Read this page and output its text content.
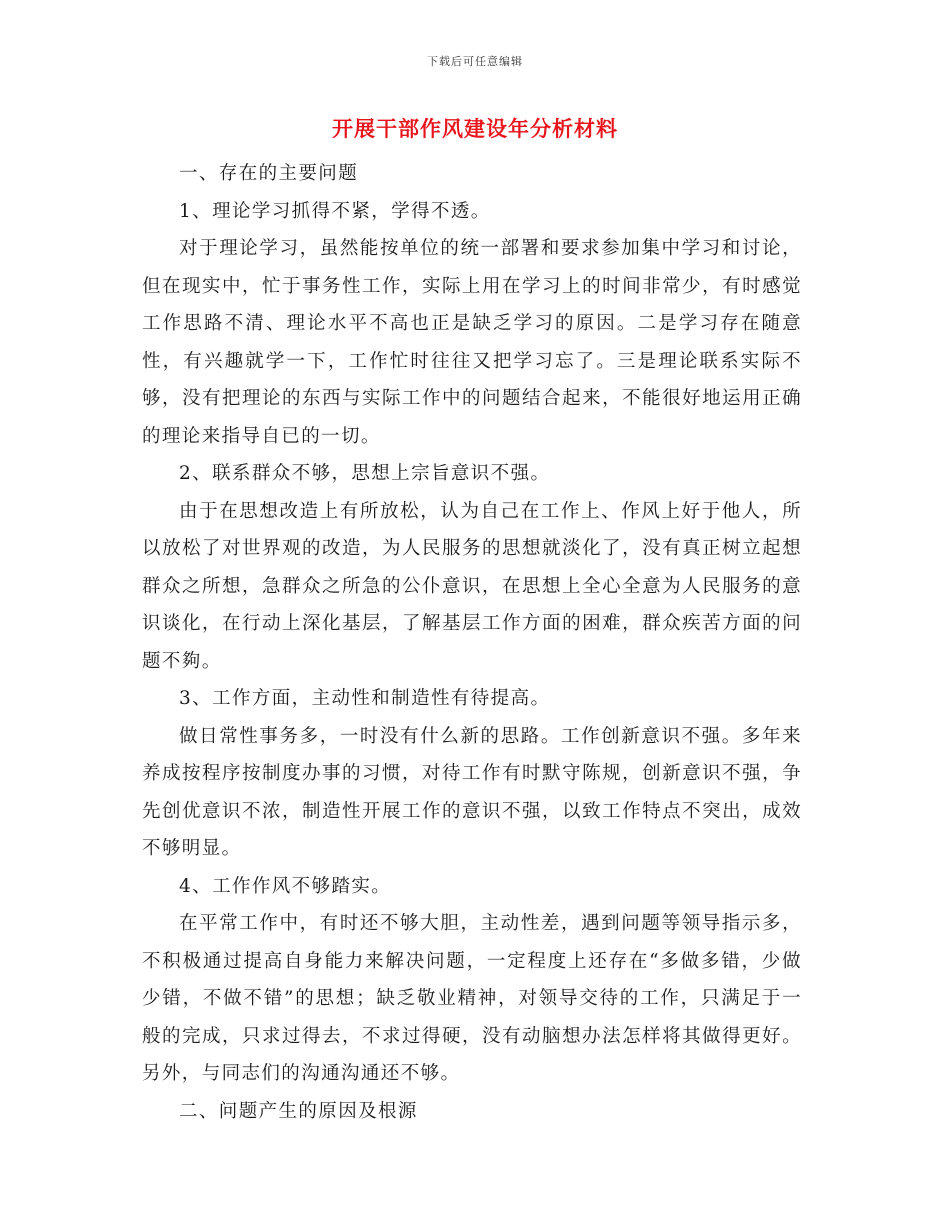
下载后可任意编辑
开展干部作风建设年分析材料

一、存在的主要问题

1、理论学习抓得不紧，学得不透。

对于理论学习，虽然能按单位的统一部署和要求参加集中学习和讨论，但在现实中，忙于事务性工作，实际上用在学习上的时间非常少，有时感觉工作思路不清、理论水平不高也正是缺乏学习的原因。二是学习存在随意性，有兴趣就学一下，工作忙时往往又把学习忘了。三是理论联系实际不够，没有把理论的东西与实际工作中的问题结合起来，不能很好地运用正确的理论来指导自已的一切。

2、联系群众不够，思想上宗旨意识不强。

由于在思想改造上有所放松，认为自己在工作上、作风上好于他人，所以放松了对世界观的改造，为人民服务的思想就淡化了，没有真正树立起想群众之所想，急群众之所急的公仆意识，在思想上全心全意为人民服务的意识谈化，在行动上深化基层，了解基层工作方面的困难，群众疾苦方面的问题不夠。

3、工作方面，主动性和制造性有待提高。

做日常性事务多，一时没有什么新的思路。工作创新意识不强。多年来养成按程序按制度办事的习惯，对待工作有时默守陈规，创新意识不强，争先创优意识不浓，制造性开展工作的意识不强，以致工作特点不突出，成效不够明显。

4、工作作风不够踏实。

在平常工作中，有时还不够大胆，主动性差，遇到问题等领导指示多，不积极通过提高自身能力来解决问题，一定程度上还存在“多做多错，少做少错，不做不错”的思想；缺乏敬业精神，对领导交待的工作，只满足于一般的完成，只求过得去，不求过得硬，没有动脑想办法怎样将其做得更好。另外，与同志们的沟通沟通还不够。

二、问题产生的原因及根源
